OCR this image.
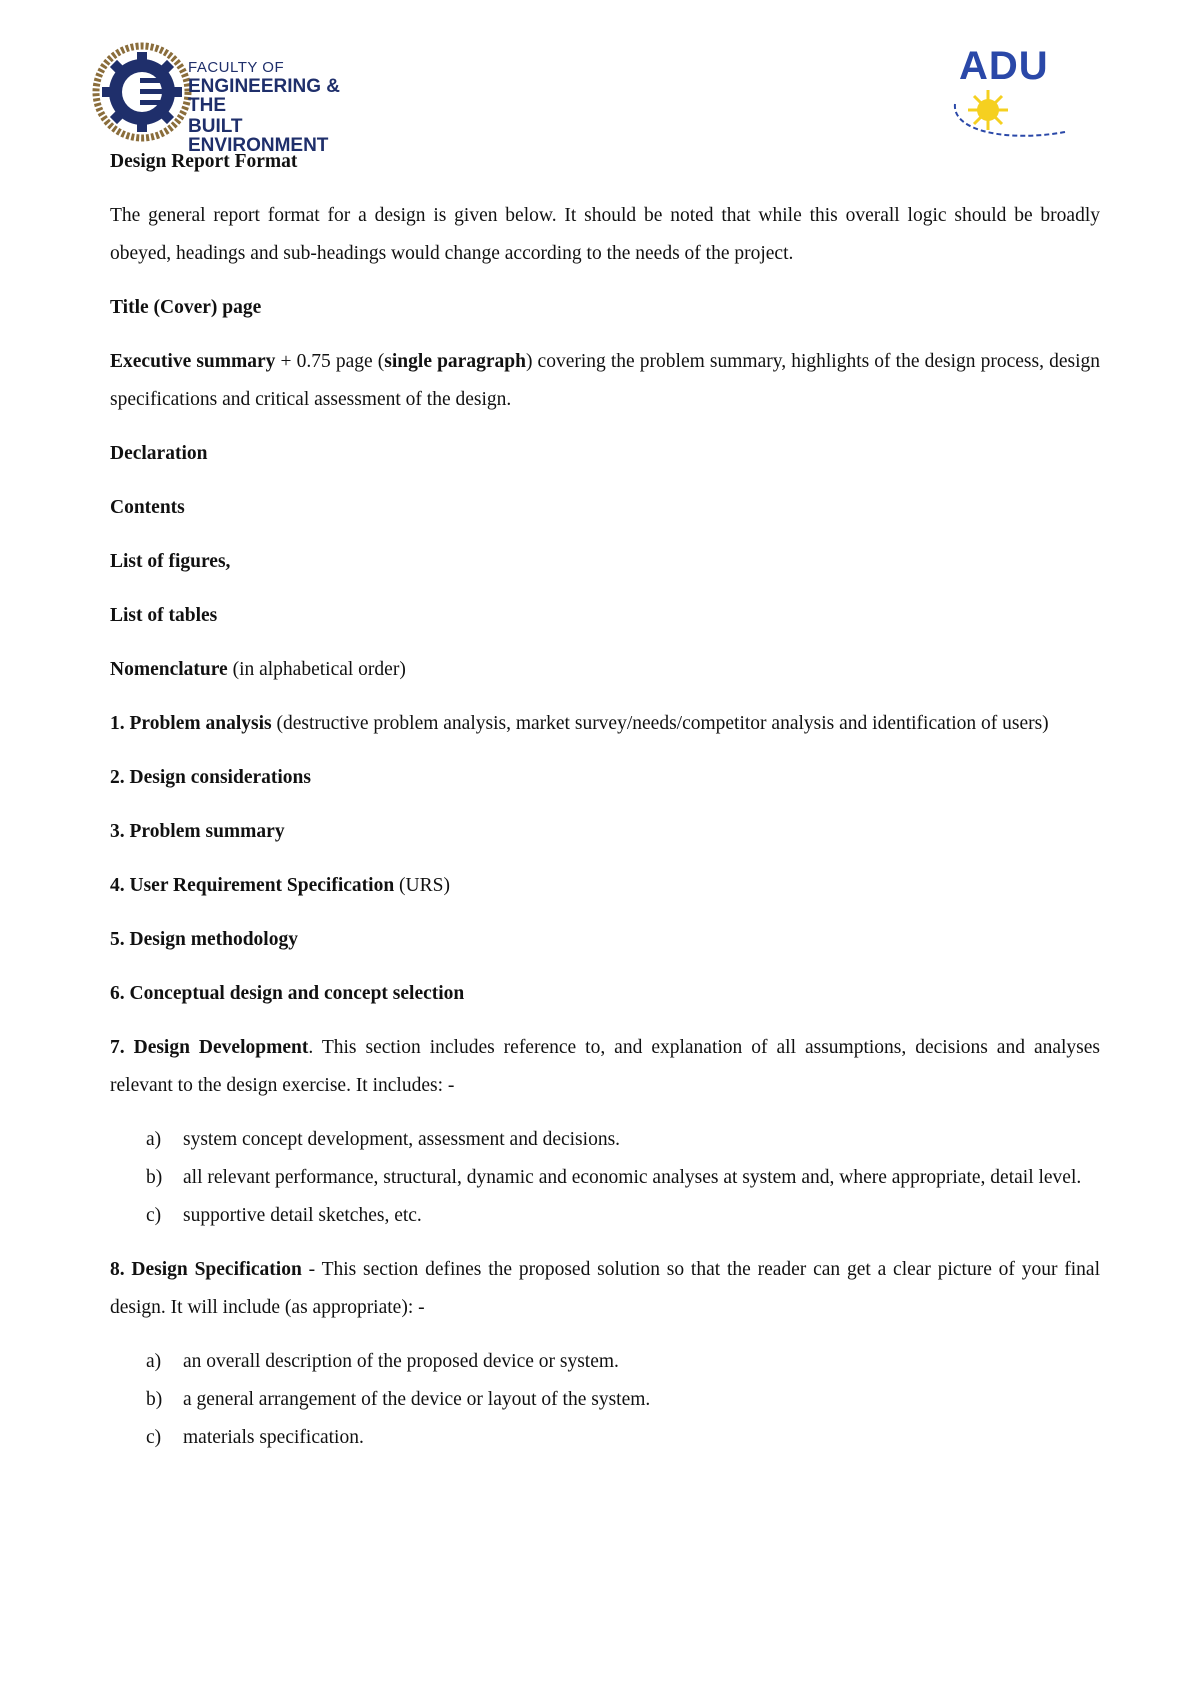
FACULTY OF
ENGINEERING & THE
BUILT ENVIRONMENT
ADU

Design Report Format

The general report format for a design is given below. It should be noted that while this overall logic should be broadly obeyed, headings and sub-headings would change according to the needs of the project.

Title (Cover) page

Executive summary + 0.75 page (single paragraph) covering the problem summary, highlights of the design process, design specifications and critical assessment of the design.

Declaration

Contents

List of figures,

List of tables

Nomenclature (in alphabetical order)

1. Problem analysis (destructive problem analysis, market survey/needs/competitor analysis and identification of users)

2. Design considerations

3. Problem summary

4. User Requirement Specification (URS)

5. Design methodology

6. Conceptual design and concept selection

7. Design Development. This section includes reference to, and explanation of all assumptions, decisions and analyses relevant to the design exercise. It includes: -

a) system concept development, assessment and decisions.
b) all relevant performance, structural, dynamic and economic analyses at system and, where appropriate, detail level.
c) supportive detail sketches, etc.

8. Design Specification - This section defines the proposed solution so that the reader can get a clear picture of your final design. It will include (as appropriate): -

a) an overall description of the proposed device or system.
b) a general arrangement of the device or layout of the system.
c) materials specification.
